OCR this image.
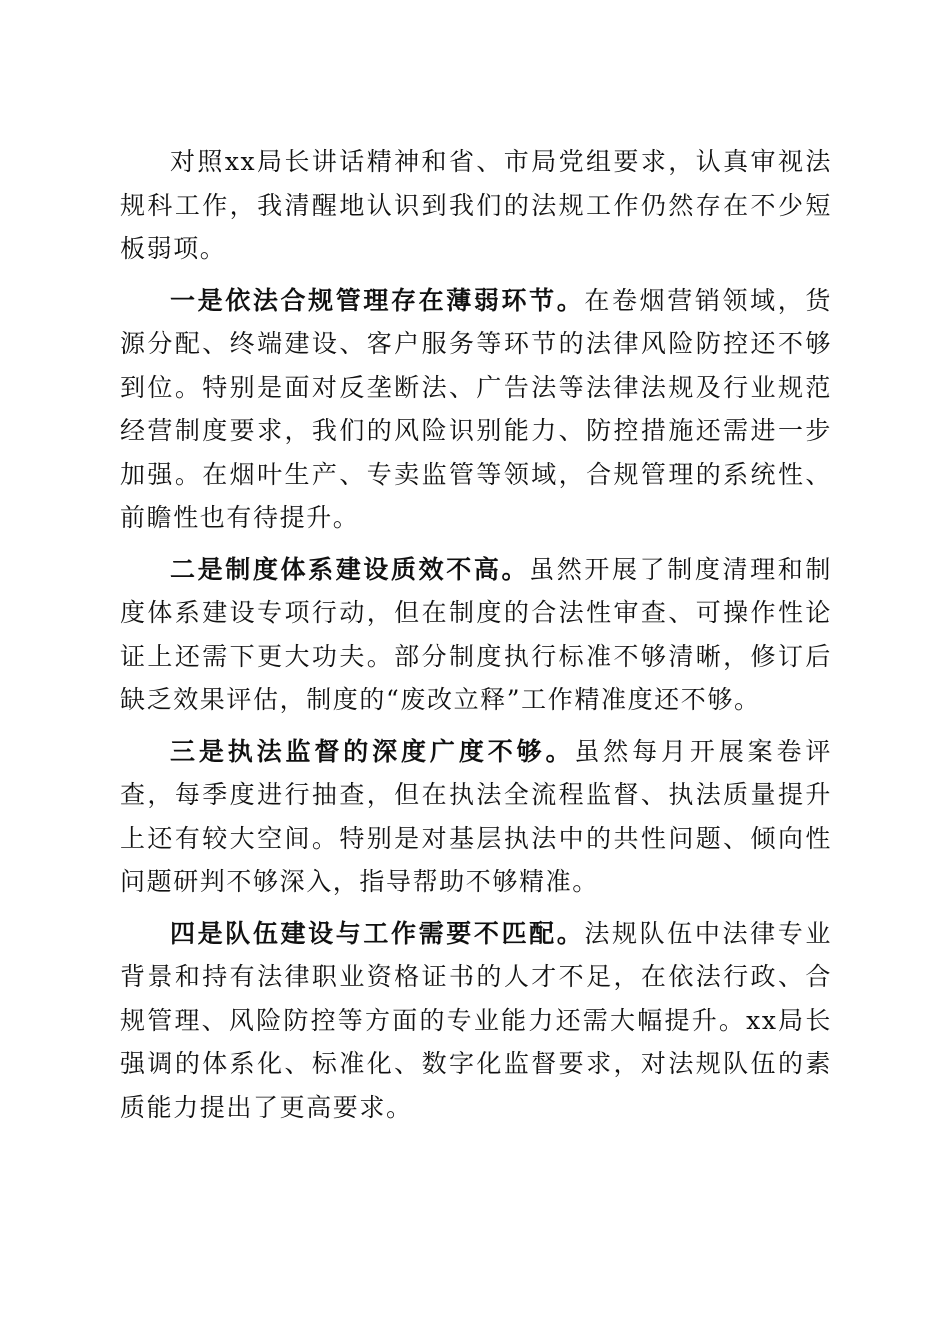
对照xx局长讲话精神和省、市局党组要求，认真审视法规科工作，我清醒地认识到我们的法规工作仍然存在不少短板弱项。

一是依法合规管理存在薄弱环节。在卷烟营销领域，货源分配、终端建设、客户服务等环节的法律风险防控还不够到位。特别是面对反垄断法、广告法等法律法规及行业规范经营制度要求，我们的风险识别能力、防控措施还需进一步加强。在烟叶生产、专卖监管等领域，合规管理的系统性、前瞻性也有待提升。

二是制度体系建设质效不高。虽然开展了制度清理和制度体系建设专项行动，但在制度的合法性审查、可操作性论证上还需下更大功夫。部分制度执行标准不够清晰，修订后缺乏效果评估，制度的“废改立释”工作精准度还不够。

三是执法监督的深度广度不够。虽然每月开展案卷评查，每季度进行抽查，但在执法全流程监督、执法质量提升上还有较大空间。特别是对基层执法中的共性问题、倾向性问题研判不够深入，指导帮助不够精准。

四是队伍建设与工作需要不匹配。法规队伍中法律专业背景和持有法律职业资格证书的人才不足，在依法行政、合规管理、风险防控等方面的专业能力还需大幅提升。xx局长强调的体系化、标准化、数字化监督要求，对法规队伍的素质能力提出了更高要求。
